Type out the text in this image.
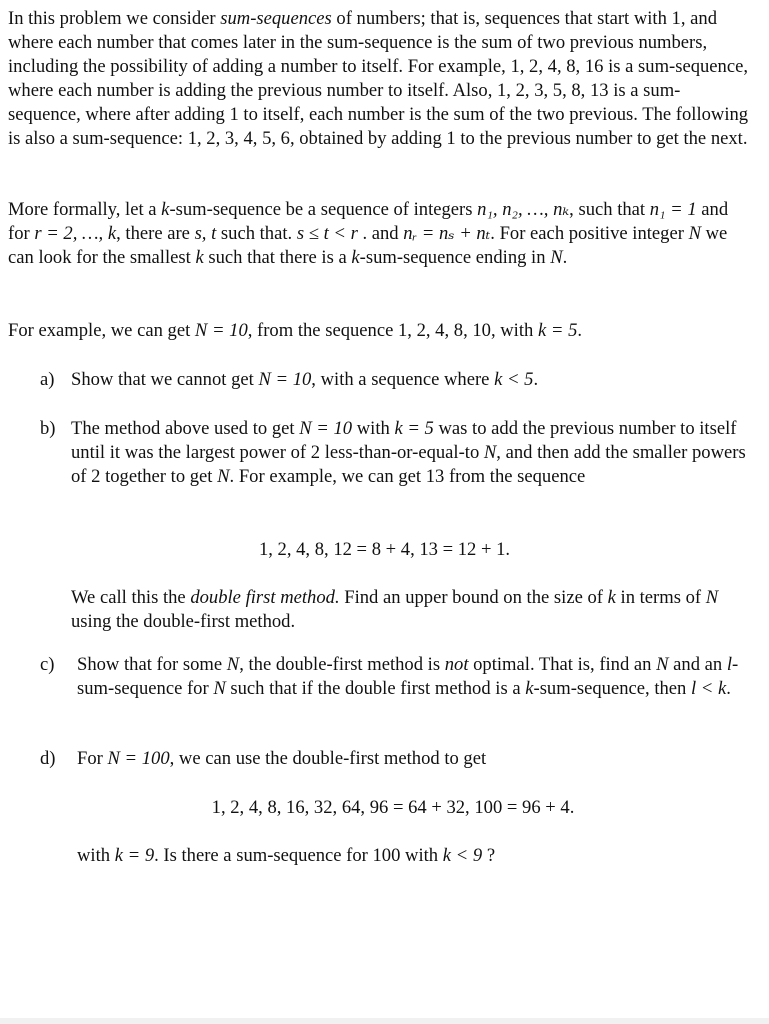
In this problem we consider sum-sequences of numbers; that is, sequences that start with 1, and where each number that comes later in the sum-sequence is the sum of two previous numbers, including the possibility of adding a number to itself. For example, 1, 2, 4, 8, 16 is a sum-sequence, where each number is adding the previous number to itself. Also, 1, 2, 3, 5, 8, 13 is a sum-sequence, where after adding 1 to itself, each number is the sum of the two previous. The following is also a sum-sequence: 1, 2, 3, 4, 5, 6, obtained by adding 1 to the previous number to get the next.

More formally, let a k-sum-sequence be a sequence of integers n₁, n₂, …, nₖ, such that n₁ = 1 and for r = 2, …, k, there are s, t such that. s ≤ t < r . and nᵣ = nₛ + nₜ. For each positive integer N we can look for the smallest k such that there is a k-sum-sequence ending in N.

For example, we can get N = 10, from the sequence 1, 2, 4, 8, 10, with k = 5.

a) Show that we cannot get N = 10, with a sequence where k < 5.
b) The method above used to get N = 10 with k = 5 was to add the previous number to itself until it was the largest power of 2 less-than-or-equal-to N, and then add the smaller powers of 2 together to get N. For example, we can get 13 from the sequence
1, 2, 4, 8, 12 = 8 + 4, 13 = 12 + 1.
We call this the double first method. Find an upper bound on the size of k in terms of N using the double-first method.
c) Show that for some N, the double-first method is not optimal. That is, find an N and an l-sum-sequence for N such that if the double first method is a k-sum-sequence, then l < k.
d) For N = 100, we can use the double-first method to get
1, 2, 4, 8, 16, 32, 64, 96 = 64 + 32, 100 = 96 + 4.
with k = 9. Is there a sum-sequence for 100 with k < 9 ?
